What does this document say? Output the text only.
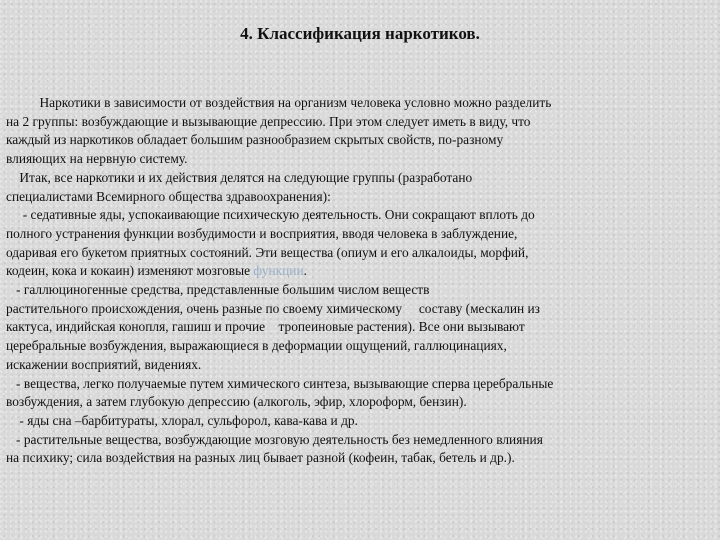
4. Классификация наркотиков.
Наркотики в зависимости от воздействия на организм человека условно можно разделить
на 2 группы: возбуждающие и вызывающие депрессию. При этом следует иметь в виду, что
каждый из наркотиков обладает большим разнообразием скрытых свойств, по-разному
влияющих на нервную систему.
Итак, все наркотики и их действия делятся на следующие группы (разработано
специалистами Всемирного общества здравоохранения):
- седативные яды, успокаивающие психическую деятельность. Они сокращают вплоть до
полного устранения функции возбудимости и восприятия, вводя человека в заблуждение,
одаривая его букетом приятных состояний. Эти вещества (опиум и его алкалоиды, морфий,
кодеин, кока и кокаин) изменяют мозговые функции.
- галлюциногенные средства, представленные большим числом веществ
растительного происхождения, очень разные по своему химическому     составу (мескалин из
кактуса, индийская конопля, гашиш и прочие    тропеиновые растения). Все они вызывают
церебральные возбуждения, выражающиеся в деформации ощущений, галлюцинациях,
искажении восприятий, видениях.
- вещества, легко получаемые путем химического синтеза, вызывающие сперва церебральные
возбуждения, а затем глубокую депрессию (алкоголь, эфир, хлороформ, бензин).
- яды сна –барбитураты, хлорал, сульфорол, кава-кава и др.
- растительные вещества, возбуждающие мозговую деятельность без немедленного влияния
на психику; сила воздействия на разных лиц бывает разной (кофеин, табак, бетель и др.).
